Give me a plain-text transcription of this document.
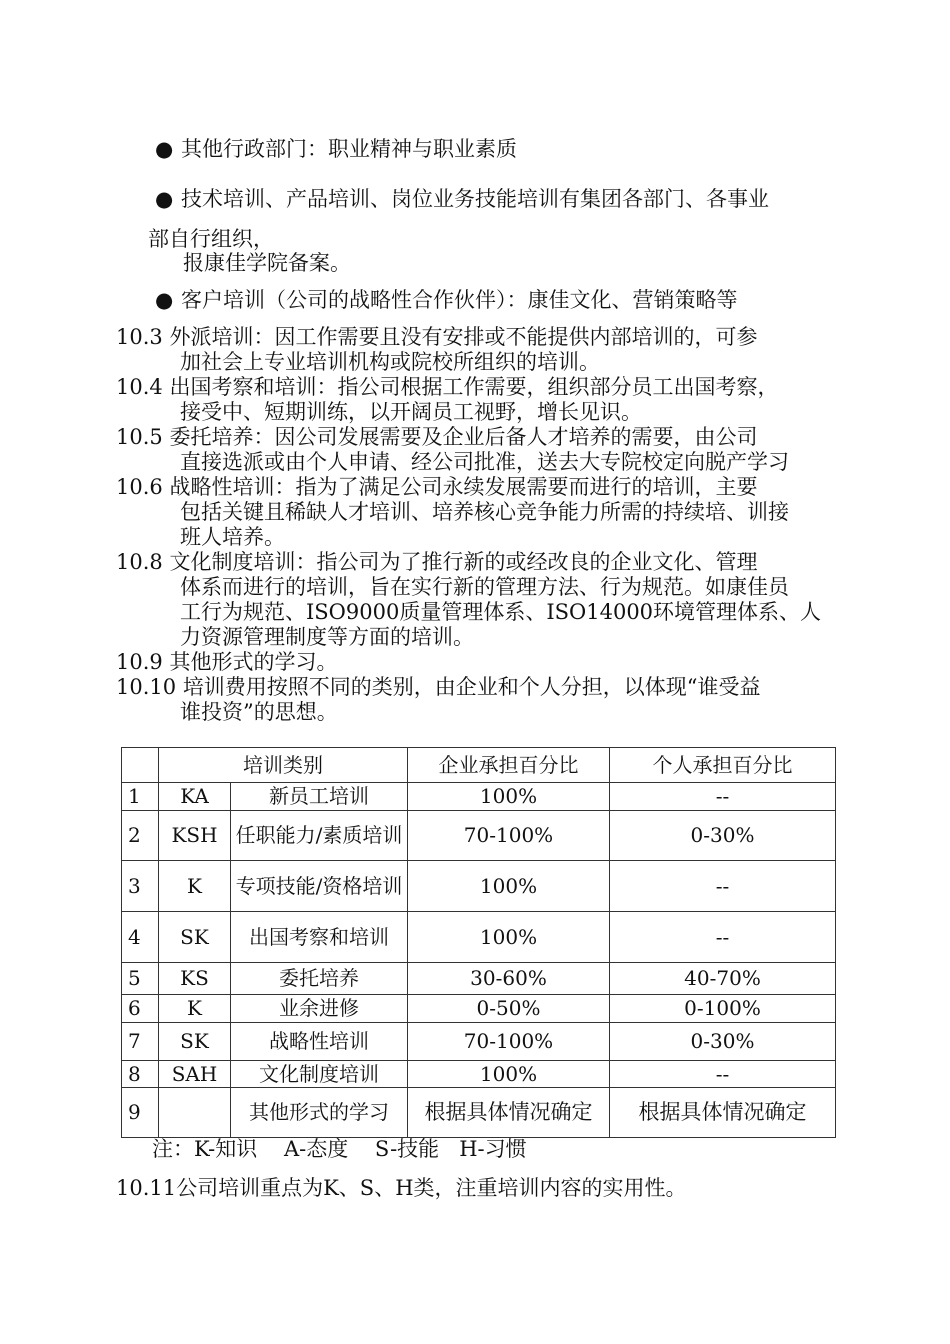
● 其他行政部门：职业精神与职业素质
● 技术培训、产品培训、岗位业务技能培训有集团各部门、各事业
部自行组织，
报康佳学院备案。
● 客户培训（公司的战略性合作伙伴）：康佳文化、营销策略等
10.3 外派培训：因工作需要且没有安排或不能提供内部培训的，可参
加社会上专业培训机构或院校所组织的培训。
10.4 出国考察和培训：指公司根据工作需要，组织部分员工出国考察，
接受中、短期训练，以开阔员工视野，增长见识。
10.5 委托培养：因公司发展需要及企业后备人才培养的需要，由公司
直接选派或由个人申请、经公司批准，送去大专院校定向脱产学习
10.6 战略性培训：指为了满足公司永续发展需要而进行的培训，主要
包括关键且稀缺人才培训、培养核心竞争能力所需的持续培、训接
班人培养。
10.8 文化制度培训：指公司为了推行新的或经改良的企业文化、管理
体系而进行的培训，旨在实行新的管理方法、行为规范。如康佳员
工行为规范、ISO9000质量管理体系、ISO14000环境管理体系、人
力资源管理制度等方面的培训。
10.9 其他形式的学习。
10.10 培训费用按照不同的类别，由企业和个人分担，以体现“谁受益
谁投资”的思想。
	培训类别		企业承担百分比	个人承担百分比
1	KA	新员工培训	100%	--
2	KSH	任职能力/素质培训	70-100%	0-30%
3	K	专项技能/资格培训	100%	--
4	SK	出国考察和培训	100%	--
5	KS	委托培养	30-60%	40-70%
6	K	业余进修	0-50%	0-100%
7	SK	战略性培训	70-100%	0-30%
8	SAH	文化制度培训	100%	--
9		其他形式的学习	根据具体情况确定	根据具体情况确定
注：K-知识    A-态度    S-技能   H-习惯
10.11公司培训重点为K、S、H类，注重培训内容的实用性。
